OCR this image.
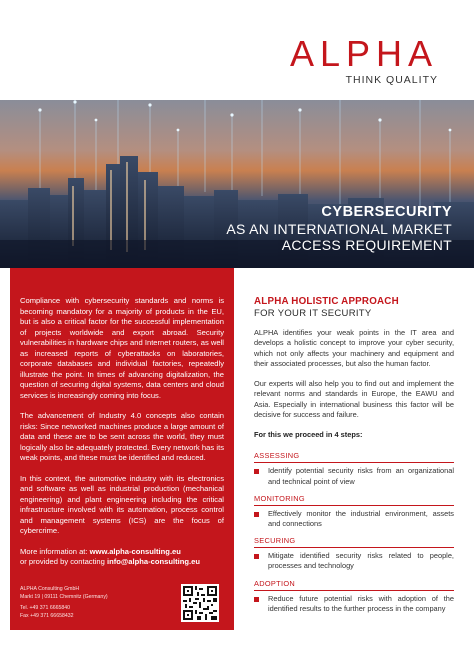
ALPHA
THINK QUALITY
CYBERSECURITY
AS AN INTERNATIONAL MARKET
ACCESS REQUIREMENT

Compliance with cybersecurity standards and norms is becoming mandatory for a majority of products in the EU, but is also a critical factor for the successful implementation of projects worldwide and export abroad. Security vulnerabilities in hardware chips and Internet routers, as well as increased reports of cyberattacks on laboratories, corporate databases and individual factories, repeatedly illustrate the point. In times of advancing digitalization, the question of securing digital systems, data centers and cloud services is increasingly coming into focus.

The advancement of Industry 4.0 concepts also contain risks: Since networked machines produce a large amount of data and these are to be sent across the world, they must logically also be adequately protected. Every network has its weak points, and these must be identified and reduced.

In this context, the automotive industry with its electronics and software as well as industrial production (mechanical engineering) and plant engineering including the critical infrastructure involved with its automation, process control and management systems (ICS) are the focus of cybercrime.

More information at: www.alpha-consulting.eu
or provided by contacting info@alpha-consulting.eu
ALPHA Consulting GmbH
Markt 19 | 09111 Chemnitz (Germany)
Tel. +49 371 6665840
Fax +49 371 66658432
ALPHA HOLISTIC APPROACH
FOR YOUR IT SECURITY

ALPHA identifies your weak points in the IT area and develops a holistic concept to improve your cyber security, which not only affects your machinery and equipment and their associated processes, but also the human factor.

Our experts will also help you to find out and implement the relevant norms and standards in Europe, the EAWU and Asia. Especially in international business this factor will be decisive for success and failure.

For this we proceed in 4 steps:
ASSESSING
Identify potential security risks from an organizational and technical point of view
MONITORING
Effectively monitor the industrial environment, assets and connections
SECURING
Mitigate identified security risks related to people, processes and technology
ADOPTION
Reduce future potential risks with adoption of the identified results to the further process in the company
